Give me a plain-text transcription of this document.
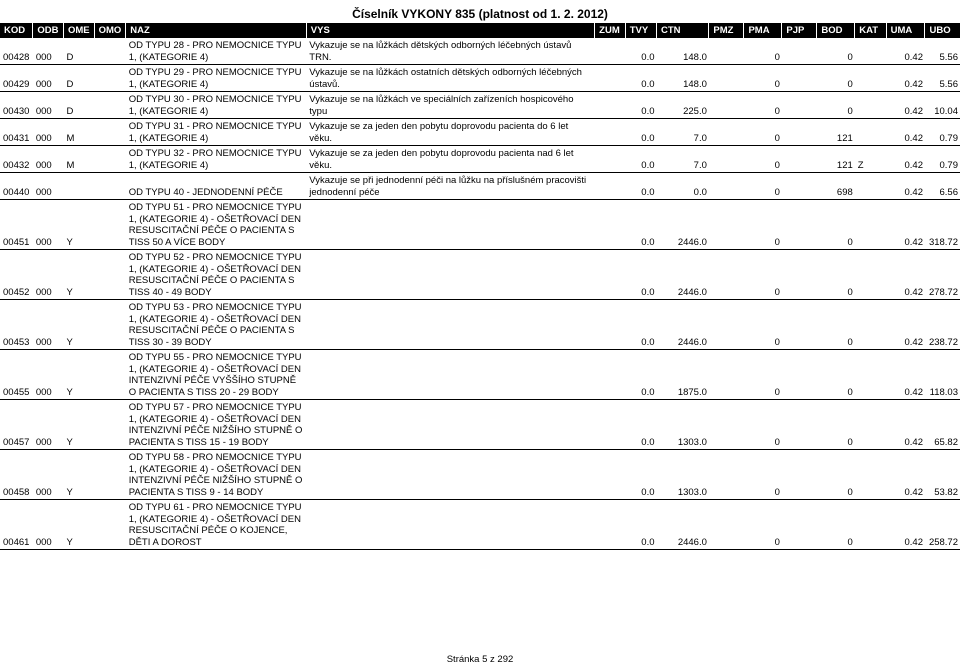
Číselník VYKONY 835 (platnost od 1. 2. 2012)
KOD	ODB	OME	OMO	NAZ	VYS	ZUM	TVY	CTN	PMZ	PMA	PJP	BOD	KAT	UMA	UBO
00428	000	D		OD TYPU 28 - PRO NEMOCNICE TYPU 1, (KATEGORIE 4)	Vykazuje se na lůžkách dětských odborných léčebných ústavů TRN.		0.0	148.0		0		0		0.42	5.56
00429	000	D		OD TYPU 29 - PRO NEMOCNICE TYPU 1, (KATEGORIE 4)	Vykazuje se na lůžkách ostatních dětských odborných léčebných ústavů.		0.0	148.0		0		0		0.42	5.56
00430	000	D		OD TYPU 30 - PRO NEMOCNICE TYPU 1, (KATEGORIE 4)	Vykazuje se na lůžkách ve speciálních zařízeních hospicového typu		0.0	225.0		0		0		0.42	10.04
00431	000	M		OD TYPU 31 - PRO NEMOCNICE TYPU 1, (KATEGORIE 4)	Vykazuje se za jeden den pobytu doprovodu pacienta do 6 let věku.		0.0	7.0		0		121		0.42	0.79
00432	000	M		OD TYPU 32 - PRO NEMOCNICE TYPU 1, (KATEGORIE 4)	Vykazuje se za jeden den pobytu doprovodu pacienta nad 6 let věku.		0.0	7.0		0		121	Z	0.42	0.79
00440	000			OD TYPU 40 - JEDNODENNÍ PÉČE	Vykazuje se při jednodenní péči na lůžku na příslušném pracovišti jednodenní péče		0.0	0.0		0		698		0.42	6.56
00451	000	Y		OD TYPU 51 - PRO NEMOCNICE TYPU 1, (KATEGORIE 4) - OŠETŘOVACÍ DEN RESUSCITAČNÍ PÉČE O PACIENTA S TISS 50 A VÍCE BODY			0.0	2446.0		0		0		0.42	318.72
00452	000	Y		OD TYPU 52 - PRO NEMOCNICE TYPU 1, (KATEGORIE 4) - OŠETŘOVACÍ DEN RESUSCITAČNÍ PÉČE O PACIENTA S TISS 40 - 49 BODY			0.0	2446.0		0		0		0.42	278.72
00453	000	Y		OD TYPU 53 - PRO NEMOCNICE TYPU 1, (KATEGORIE 4) - OŠETŘOVACÍ DEN RESUSCITAČNÍ PÉČE O PACIENTA S TISS 30 - 39 BODY			0.0	2446.0		0		0		0.42	238.72
00455	000	Y		OD TYPU 55 - PRO NEMOCNICE TYPU 1, (KATEGORIE 4) - OŠETŘOVACÍ DEN INTENZIVNÍ PÉČE VYŠŠÍHO STUPNĚ O PACIENTA S TISS 20 - 29 BODY			0.0	1875.0		0		0		0.42	118.03
00457	000	Y		OD TYPU 57 - PRO NEMOCNICE TYPU 1, (KATEGORIE 4) - OŠETŘOVACÍ DEN INTENZIVNÍ PÉČE NIŽŠÍHO STUPNĚ O PACIENTA S TISS 15 - 19 BODY			0.0	1303.0		0		0		0.42	65.82
00458	000	Y		OD TYPU 58 - PRO NEMOCNICE TYPU 1, (KATEGORIE 4) - OŠETŘOVACÍ DEN INTENZIVNÍ PÉČE NIŽŠÍHO STUPNĚ O PACIENTA S TISS 9 - 14 BODY			0.0	1303.0		0		0		0.42	53.82
00461	000	Y		OD TYPU 61 - PRO NEMOCNICE TYPU 1, (KATEGORIE 4) - OŠETŘOVACÍ DEN RESUSCITAČNÍ PÉČE O KOJENCE, DĚTI A DOROST			0.0	2446.0		0		0		0.42	258.72
Stránka 5 z 292
